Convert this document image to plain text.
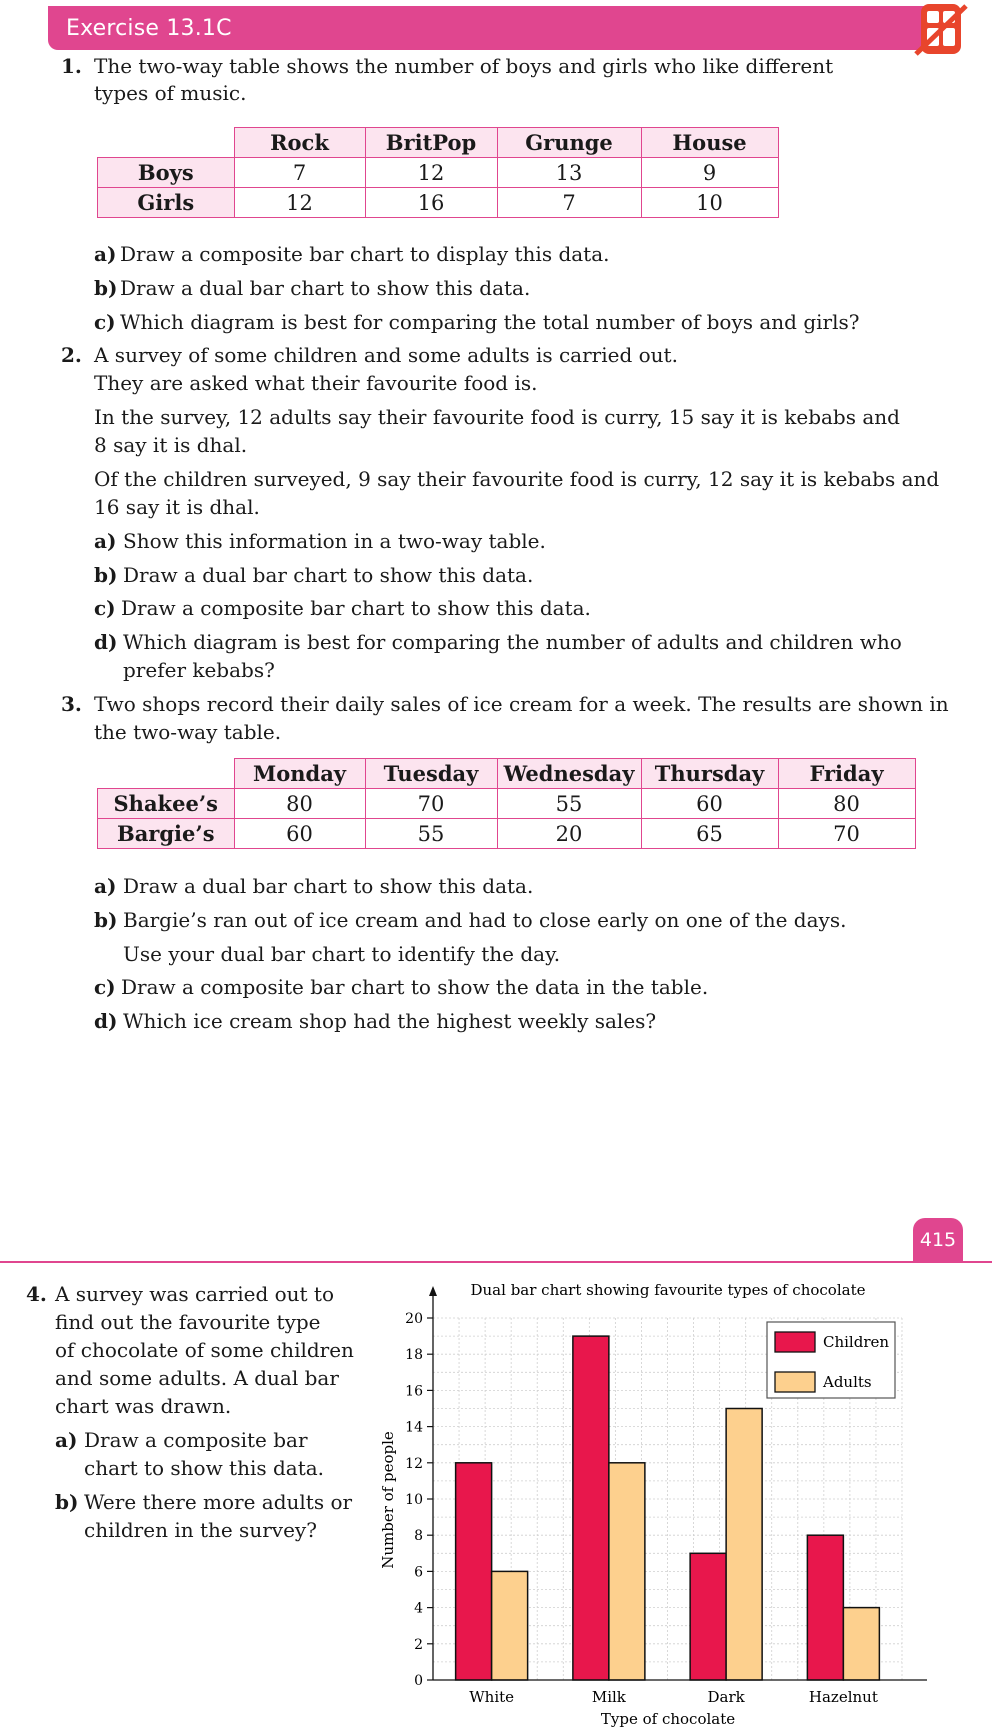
Exercise 13.1C
1. The two-way table shows the number of boys and girls who like different
types of music.
	Rock	BritPop	Grunge	House
Boys	7	12	13	9
Girls	12	16	7	10
a) Draw a composite bar chart to display this data.
b) Draw a dual bar chart to show this data.
c) Which diagram is best for comparing the total number of boys and girls?
2. A survey of some children and some adults is carried out.
They are asked what their favourite food is.
In the survey, 12 adults say their favourite food is curry, 15 say it is kebabs and
8 say it is dhal.
Of the children surveyed, 9 say their favourite food is curry, 12 say it is kebabs and
16 say it is dhal.
a) Show this information in a two-way table.
b) Draw a dual bar chart to show this data.
c) Draw a composite bar chart to show this data.
d) Which diagram is best for comparing the number of adults and children who
prefer kebabs?
3. Two shops record their daily sales of ice cream for a week. The results are shown in
the two-way table.
	Monday	Tuesday	Wednesday	Thursday	Friday
Shakee’s	80	70	55	60	80
Bargie’s	60	55	20	65	70
a) Draw a dual bar chart to show this data.
b) Bargie’s ran out of ice cream and had to close early on one of the days.
Use your dual bar chart to identify the day.
c) Draw a composite bar chart to show the data in the table.
d) Which ice cream shop had the highest weekly sales?
415
4. A survey was carried out to
find out the favourite type
of chocolate of some children
and some adults. A dual bar
chart was drawn.
a) Draw a composite bar
chart to show this data.
b) Were there more adults or
children in the survey?
White	Milk	Dark	Hazelnut
0
2
4
6
8
10
12
14
16
18
20
Dual bar chart showing favourite types of chocolate
Type of chocolate
Number of people
Children
Adults
